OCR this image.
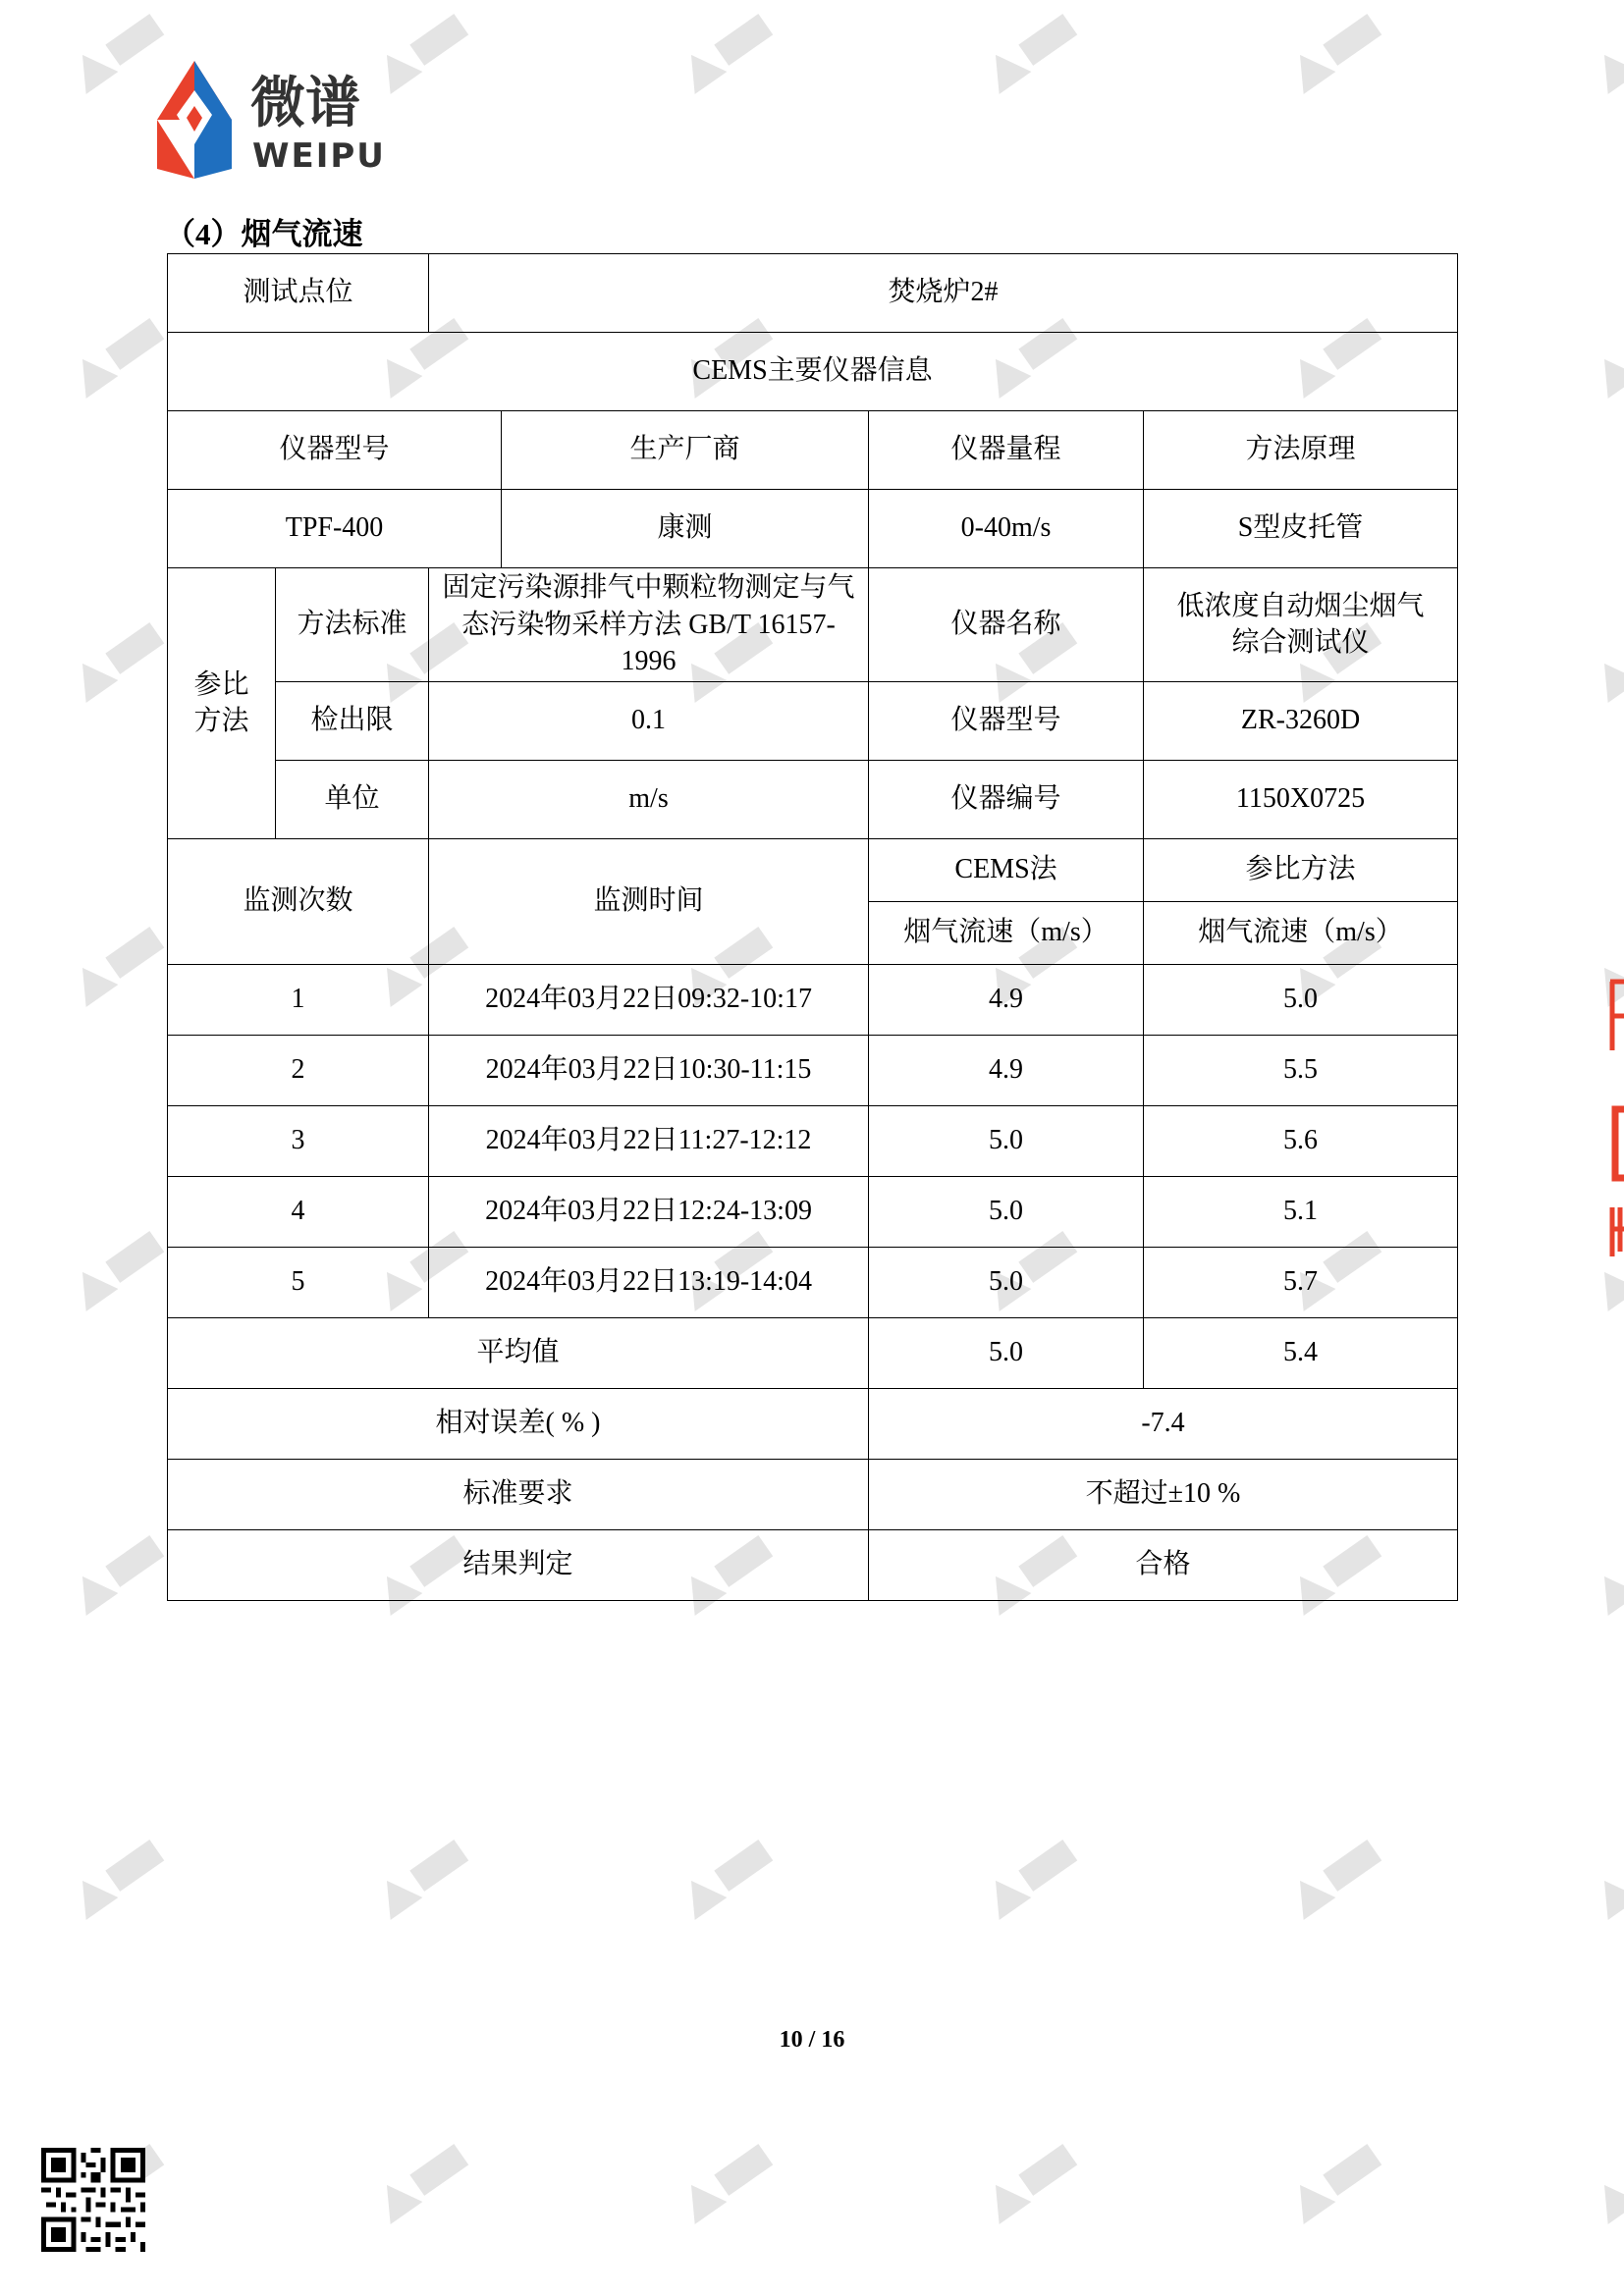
微谱
WEIPU
（4）烟气流速
测试点位		焚烧炉2#			
CEMS主要仪器信息					
仪器型号			生产厂商	仪器量程	方法原理
TPF-400			康测	0-40m/s	S型皮托管
参比方法	方法标准	固定污染源排气中颗粒物测定与气态污染物采样方法 GB/T 16157-1996		仪器名称	低浓度自动烟尘烟气综合测试仪
	检出限	0.1		仪器型号	ZR-3260D
	单位	m/s		仪器编号	1150X0725
监测次数		监测时间		CEMS法	参比方法
				烟气流速（m/s）	烟气流速（m/s）
1		2024年03月22日09:32-10:17		4.9	5.0
2		2024年03月22日10:30-11:15		4.9	5.5
3		2024年03月22日11:27-12:12		5.0	5.6
4		2024年03月22日12:24-13:09		5.0	5.1
5		2024年03月22日13:19-14:04		5.0	5.7
平均值				5.0	5.4
相对误差( % )				-7.4	
标准要求				不超过±10 %	
结果判定				合格	
10 / 16
